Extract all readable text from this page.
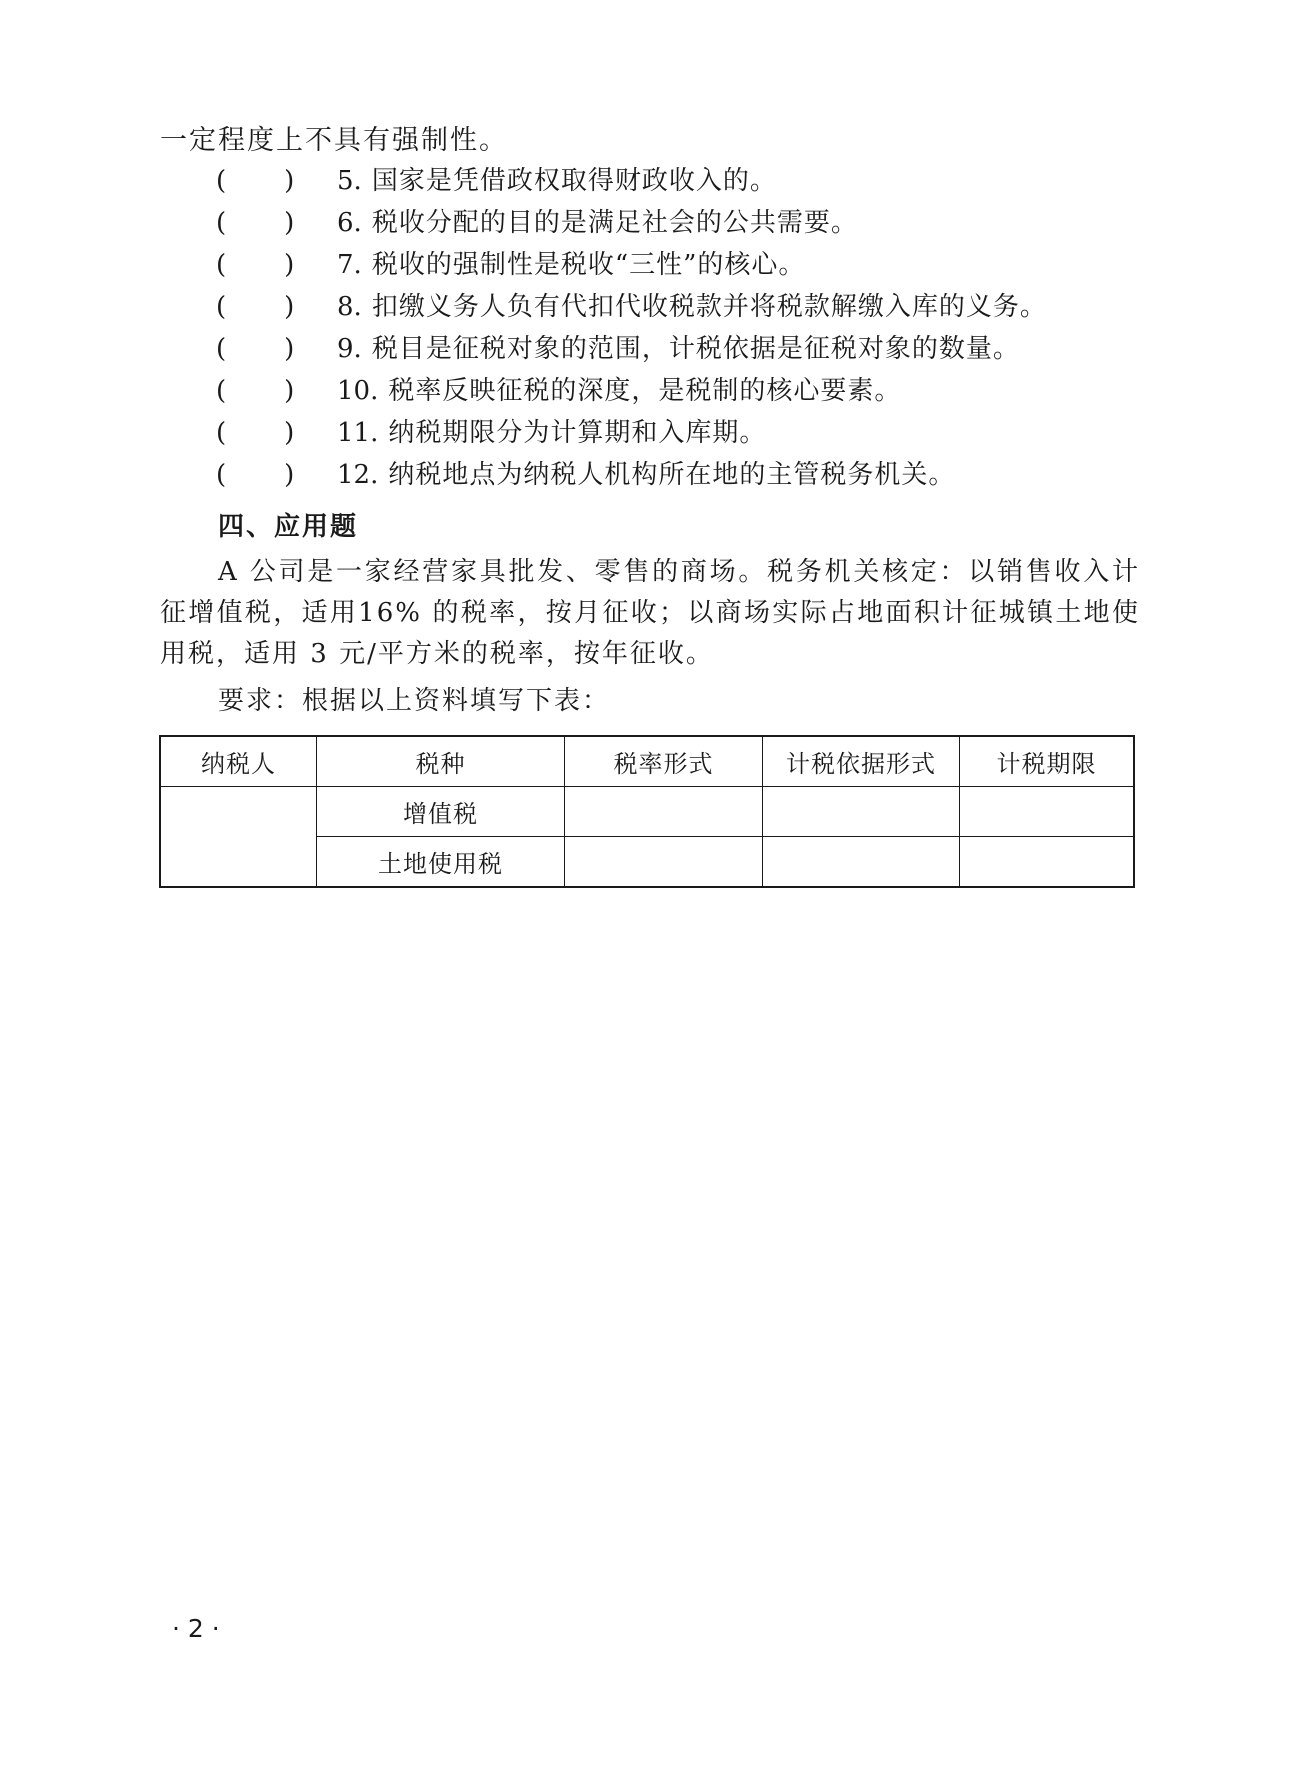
一定程度上不具有强制性。
( )	5. 国家是凭借政权取得财政收入的。
( )	6. 税收分配的目的是满足社会的公共需要。
( )	7. 税收的强制性是税收“三性”的核心。
( )	8. 扣缴义务人负有代扣代收税款并将税款解缴入库的义务。
( )	9. 税目是征税对象的范围，计税依据是征税对象的数量。
( )	10. 税率反映征税的深度，是税制的核心要素。
( )	11. 纳税期限分为计算期和入库期。
( )	12. 纳税地点为纳税人机构所在地的主管税务机关。
四、应用题
A 公司是一家经营家具批发、零售的商场。税务机关核定：以销售收入计征增值税，适用16% 的税率，按月征收；以商场实际占地面积计征城镇土地使用税，适用 3 元/平方米的税率，按年征收。
要求：根据以上资料填写下表：
纳税人	税种	税率形式	计税依据形式	计税期限
	增值税			
	土地使用税			
· 2 ·
